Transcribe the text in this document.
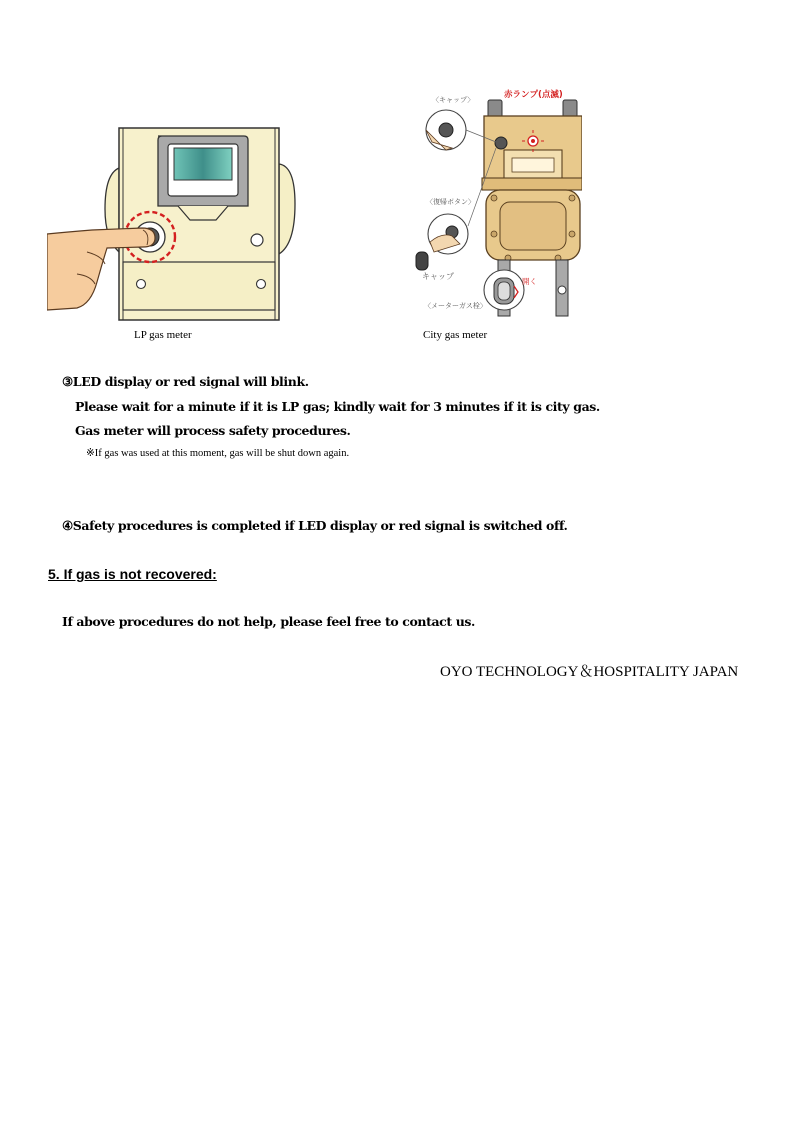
LP gas meter
〈キャップ〉	赤ランプ(点滅)
〈復帰ボタン〉
キャップ
〈メーターガス栓〉
開く
City gas meter
③LED display or red signal will blink.
Please wait for a minute if it is LP gas; kindly wait for 3 minutes if it is city gas.
Gas meter will process safety procedures.
※If gas was used at this moment, gas will be shut down again.
④Safety procedures is completed if LED display or red signal is switched off.
5. If gas is not recovered:
If above procedures do not help, please feel free to contact us.
OYO TECHNOLOGY＆HOSPITALITY JAPAN
